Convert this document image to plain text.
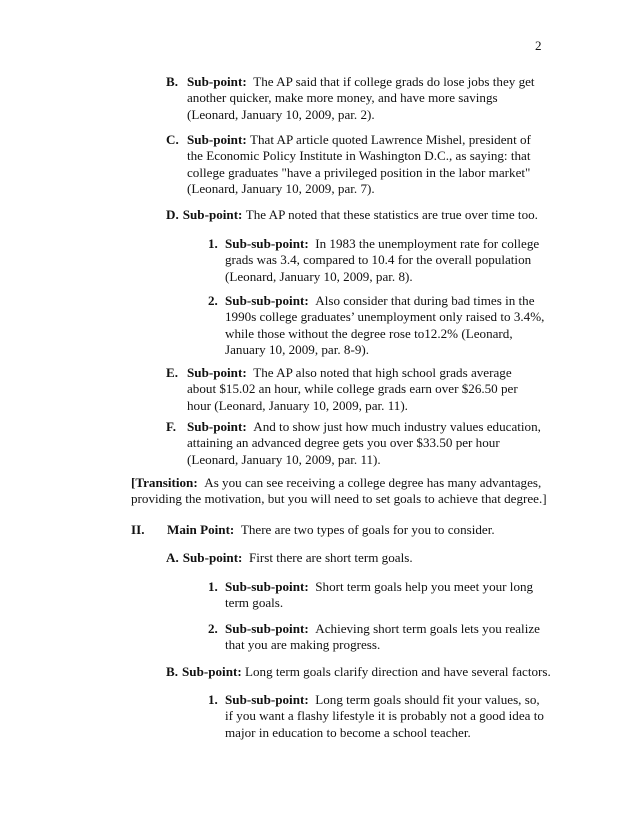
2
B. Sub-point: The AP said that if college grads do lose jobs they get another quicker, make more money, and have more savings (Leonard, January 10, 2009, par. 2).
C. Sub-point: That AP article quoted Lawrence Mishel, president of the Economic Policy Institute in Washington D.C., as saying: that college graduates "have a privileged position in the labor market" (Leonard, January 10, 2009, par. 7).
D. Sub-point: The AP noted that these statistics are true over time too.
1. Sub-sub-point: In 1983 the unemployment rate for college grads was 3.4, compared to 10.4 for the overall population (Leonard, January 10, 2009, par. 8).
2. Sub-sub-point: Also consider that during bad times in the 1990s college graduates’ unemployment only raised to 3.4%, while those without the degree rose to12.2% (Leonard, January 10, 2009, par. 8-9).
E. Sub-point: The AP also noted that high school grads average about $15.02 an hour, while college grads earn over $26.50 per hour (Leonard, January 10, 2009, par. 11).
F. Sub-point: And to show just how much industry values education, attaining an advanced degree gets you over $33.50 per hour (Leonard, January 10, 2009, par. 11).
[Transition: As you can see receiving a college degree has many advantages, providing the motivation, but you will need to set goals to achieve that degree.]
II.	Main Point: There are two types of goals for you to consider.
A. Sub-point: First there are short term goals.
1. Sub-sub-point: Short term goals help you meet your long term goals.
2. Sub-sub-point: Achieving short term goals lets you realize that you are making progress.
B. Sub-point: Long term goals clarify direction and have several factors.
1. Sub-sub-point: Long term goals should fit your values, so, if you want a flashy lifestyle it is probably not a good idea to major in education to become a school teacher.
